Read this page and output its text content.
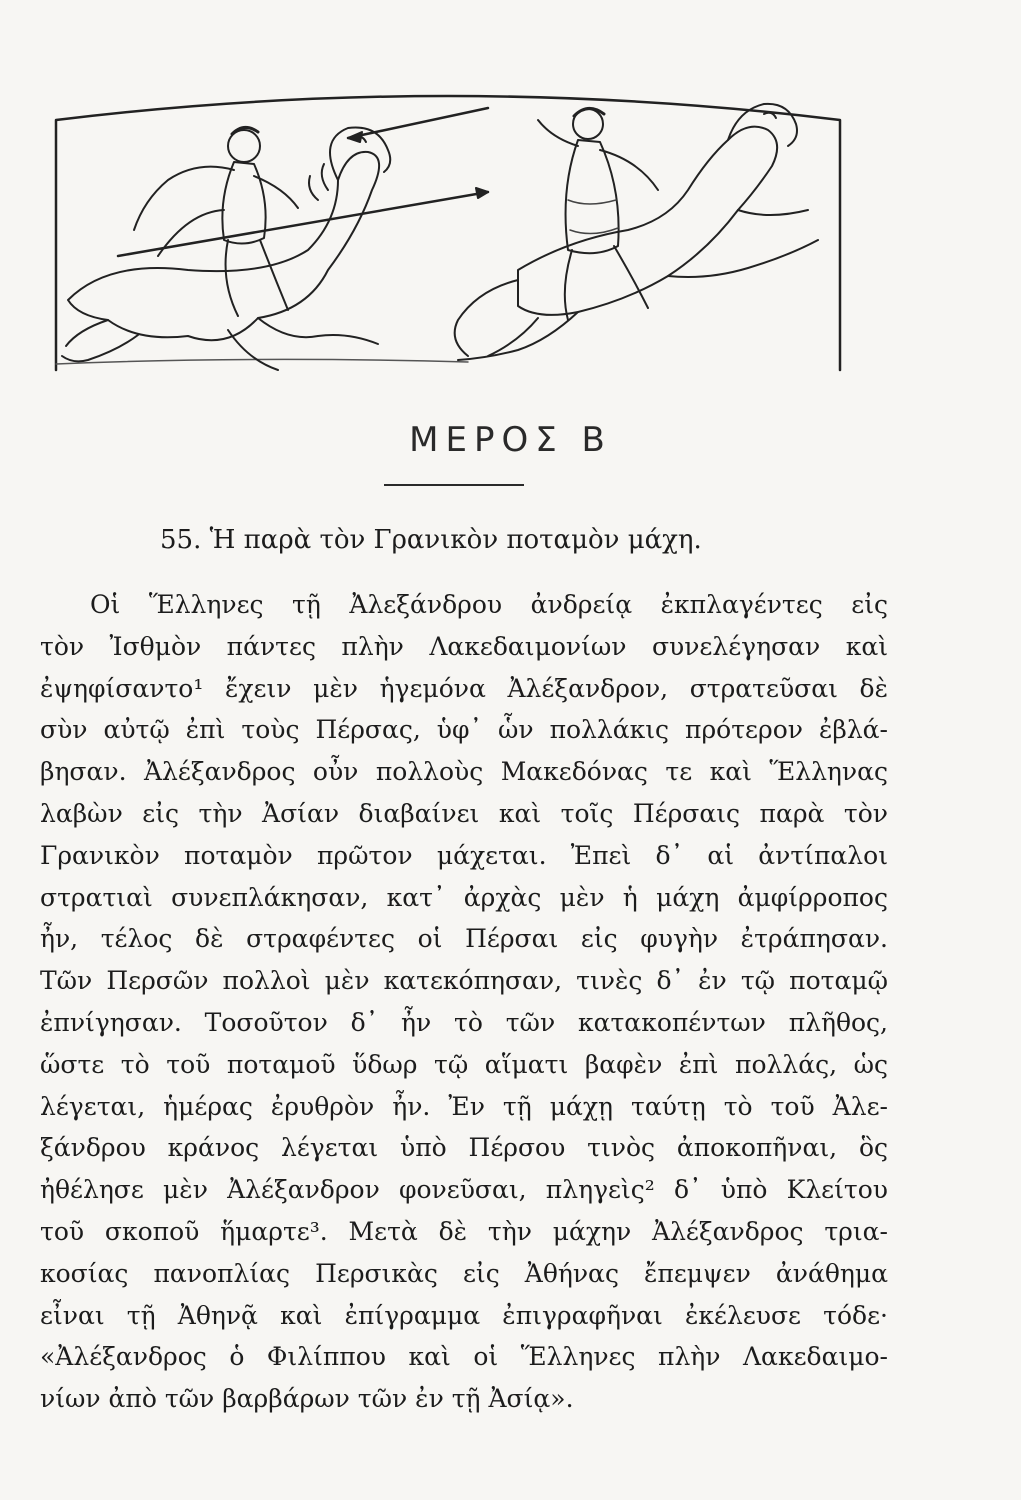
ΜΕΡΟΣ Β
55. Ἡ παρὰ τὸν Γρανικὸν ποταμὸν μάχη.
Οἱ Ἕλληνες τῇ Ἀλεξάνδρου ἀνδρείᾳ ἐκπλαγέντες εἰς
τὸν Ἰσθμὸν πάντες πλὴν Λακεδαιμονίων συνελέγησαν καὶ
ἐψηφίσαντο¹ ἔχειν μὲν ἡγεμόνα Ἀλέξανδρον, στρατεῦσαι δὲ
σὺν αὐτῷ ἐπὶ τοὺς Πέρσας, ὑφ᾽ ὧν πολλάκις πρότερον ἐβλά-
βησαν. Ἀλέξανδρος οὖν πολλοὺς Μακεδόνας τε καὶ Ἕλληνας
λαβὼν εἰς τὴν Ἀσίαν διαβαίνει καὶ τοῖς Πέρσαις παρὰ τὸν
Γρανικὸν ποταμὸν πρῶτον μάχεται. Ἐπεὶ δ᾽ αἱ ἀντίπαλοι
στρατιαὶ συνεπλάκησαν, κατ᾽ ἀρχὰς μὲν ἡ μάχη ἀμφίρροπος
ἦν, τέλος δὲ στραφέντες οἱ Πέρσαι εἰς φυγὴν ἐτράπησαν.
Τῶν Περσῶν πολλοὶ μὲν κατεκόπησαν, τινὲς δ᾽ ἐν τῷ ποταμῷ
ἐπνίγησαν. Τοσοῦτον δ᾽ ἦν τὸ τῶν κατακοπέντων πλῆθος,
ὥστε τὸ τοῦ ποταμοῦ ὕδωρ τῷ αἵματι βαφὲν ἐπὶ πολλάς, ὡς
λέγεται, ἡμέρας ἐρυθρὸν ἦν. Ἐν τῇ μάχῃ ταύτῃ τὸ τοῦ Ἀλε-
ξάνδρου κράνος λέγεται ὑπὸ Πέρσου τινὸς ἀποκοπῆναι, ὃς
ἠθέλησε μὲν Ἀλέξανδρον φονεῦσαι, πληγεὶς² δ᾽ ὑπὸ Κλείτου
τοῦ σκοποῦ ἥμαρτε³. Μετὰ δὲ τὴν μάχην Ἀλέξανδρος τρια-
κοσίας πανοπλίας Περσικὰς εἰς Ἀθήνας ἔπεμψεν ἀνάθημα
εἶναι τῇ Ἀθηνᾷ καὶ ἐπίγραμμα ἐπιγραφῆναι ἐκέλευσε τόδε·
«Ἀλέξανδρος ὁ Φιλίππου καὶ οἱ Ἕλληνες πλὴν Λακεδαιμο-
νίων ἀπὸ τῶν βαρβάρων τῶν ἐν τῇ Ἀσίᾳ».
